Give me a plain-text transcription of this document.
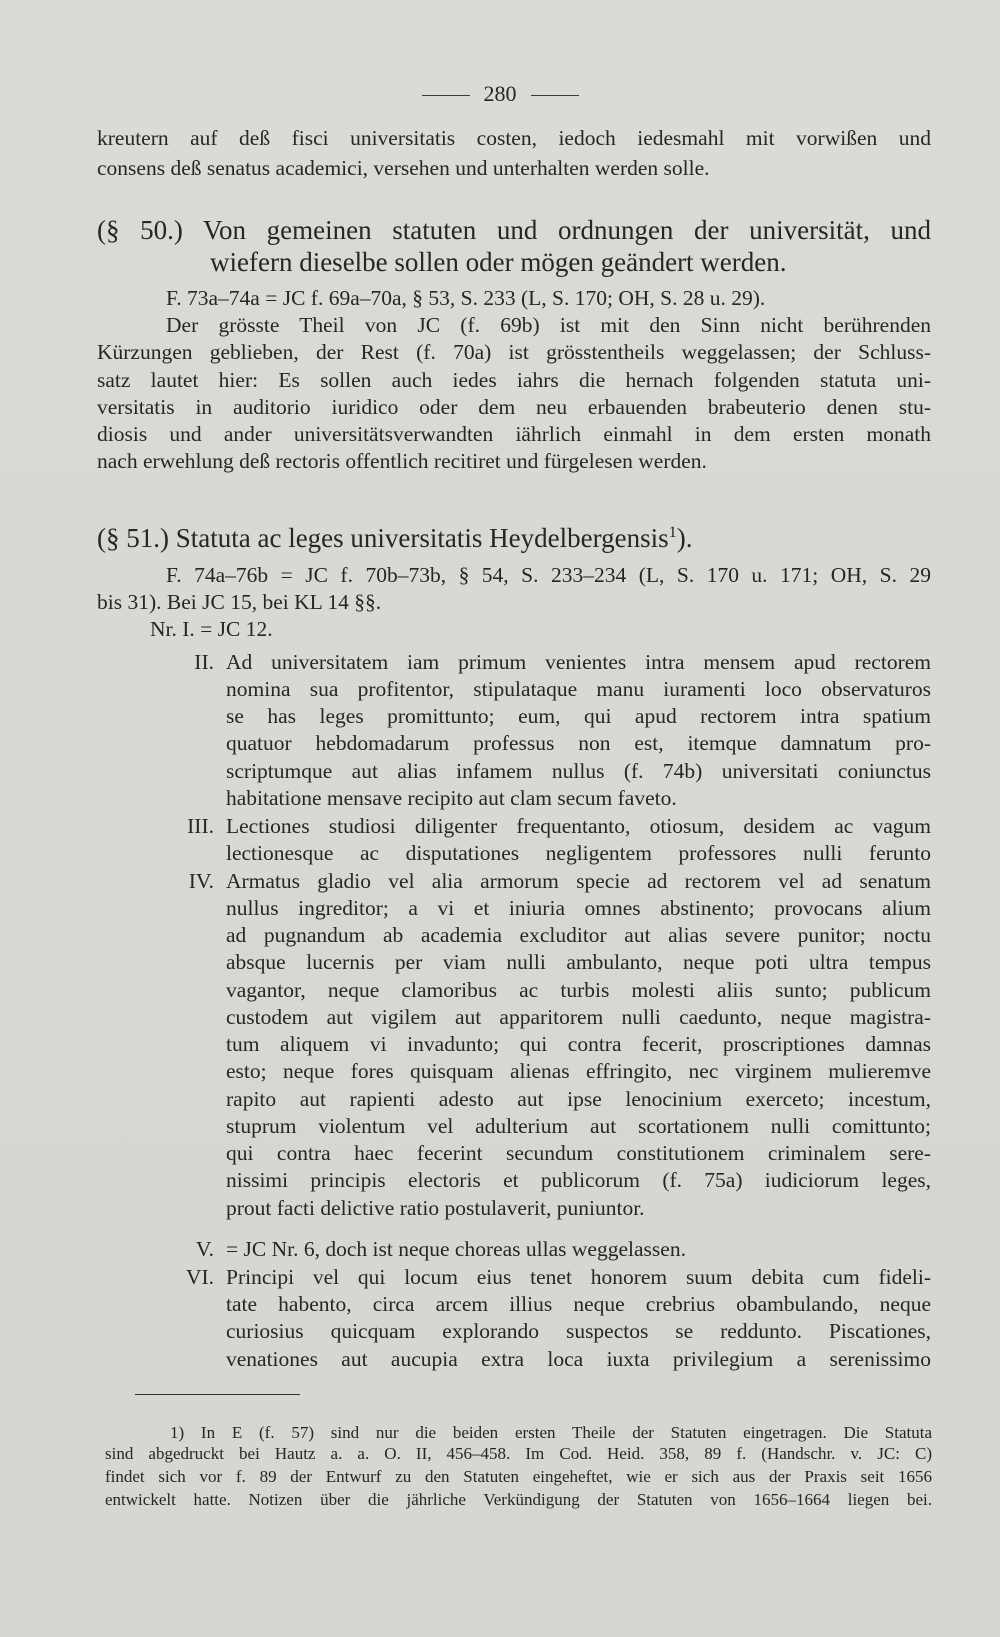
280
kreutern auf deß fisci universitatis costen, iedoch iedesmahl mit vorwißen und
consens deß senatus academici, versehen und unterhalten werden solle.
(§ 50.) Von gemeinen statuten und ordnungen der universität, und
wiefern dieselbe sollen oder mögen geändert werden.
F. 73a–74a = JC f. 69a–70a, § 53, S. 233 (L, S. 170; OH, S. 28 u. 29).
Der grösste Theil von JC (f. 69b) ist mit den Sinn nicht berührenden
Kürzungen geblieben, der Rest (f. 70a) ist grösstentheils weggelassen; der Schluss-
satz lautet hier: Es sollen auch iedes iahrs die hernach folgenden statuta uni-
versitatis in auditorio iuridico oder dem neu erbauenden brabeuterio denen stu-
diosis und ander universitätsverwandten iährlich einmahl in dem ersten monath
nach erwehlung deß rectoris offentlich recitiret und fürgelesen werden.
(§ 51.) Statuta ac leges universitatis Heydelbergensis$^1$).
F. 74a–76b = JC f. 70b–73b, § 54, S. 233–234 (L, S. 170 u. 171; OH, S. 29
bis 31). Bei JC 15, bei KL 14 §§.
Nr. I. = JC 12.
II. Ad universitatem iam primum venientes intra mensem apud rectorem
nomina sua profitentor, stipulataque manu iuramenti loco observaturos
se has leges promittunto; eum, qui apud rectorem intra spatium
quatuor hebdomadarum professus non est, itemque damnatum pro-
scriptumque aut alias infamem nullus (f. 74b) universitati coniunctus
habitatione mensave recipito aut clam secum faveto.
III. Lectiones studiosi diligenter frequentanto, otiosum, desidem ac vagum
lectionesque ac disputationes negligentem professores nulli ferunto
IV. Armatus gladio vel alia armorum specie ad rectorem vel ad senatum
nullus ingreditor; a vi et iniuria omnes abstinento; provocans alium
ad pugnandum ab academia excluditor aut alias severe punitor; noctu
absque lucernis per viam nulli ambulanto, neque poti ultra tempus
vagantor, neque clamoribus ac turbis molesti aliis sunto; publicum
custodem aut vigilem aut apparitorem nulli caedunto, neque magistra-
tum aliquem vi invadunto; qui contra fecerit, proscriptiones damnas
esto; neque fores quisquam alienas effringito, nec virginem mulieremve
rapito aut rapienti adesto aut ipse lenocinium exerceto; incestum,
stuprum violentum vel adulterium aut scortationem nulli comittunto;
qui contra haec fecerint secundum constitutionem criminalem sere-
nissimi principis electoris et publicorum (f. 75a) iudiciorum leges,
prout facti delictive ratio postulaverit, puniuntor.
V. = JC Nr. 6, doch ist neque choreas ullas weggelassen.
VI. Principi vel qui locum eius tenet honorem suum debita cum fideli-
tate habento, circa arcem illius neque crebrius obambulando, neque
curiosius quicquam explorando suspectos se reddunto. Piscationes,
venationes aut aucupia extra loca iuxta privilegium a serenissimo
1) In E (f. 57) sind nur die beiden ersten Theile der Statuten eingetragen. Die Statuta
sind abgedruckt bei Hautz a. a. O. II, 456–458. Im Cod. Heid. 358, 89 f. (Handschr. v. JC: C)
findet sich vor f. 89 der Entwurf zu den Statuten eingeheftet, wie er sich aus der Praxis seit 1656
entwickelt hatte. Notizen über die jährliche Verkündigung der Statuten von 1656–1664 liegen bei.
